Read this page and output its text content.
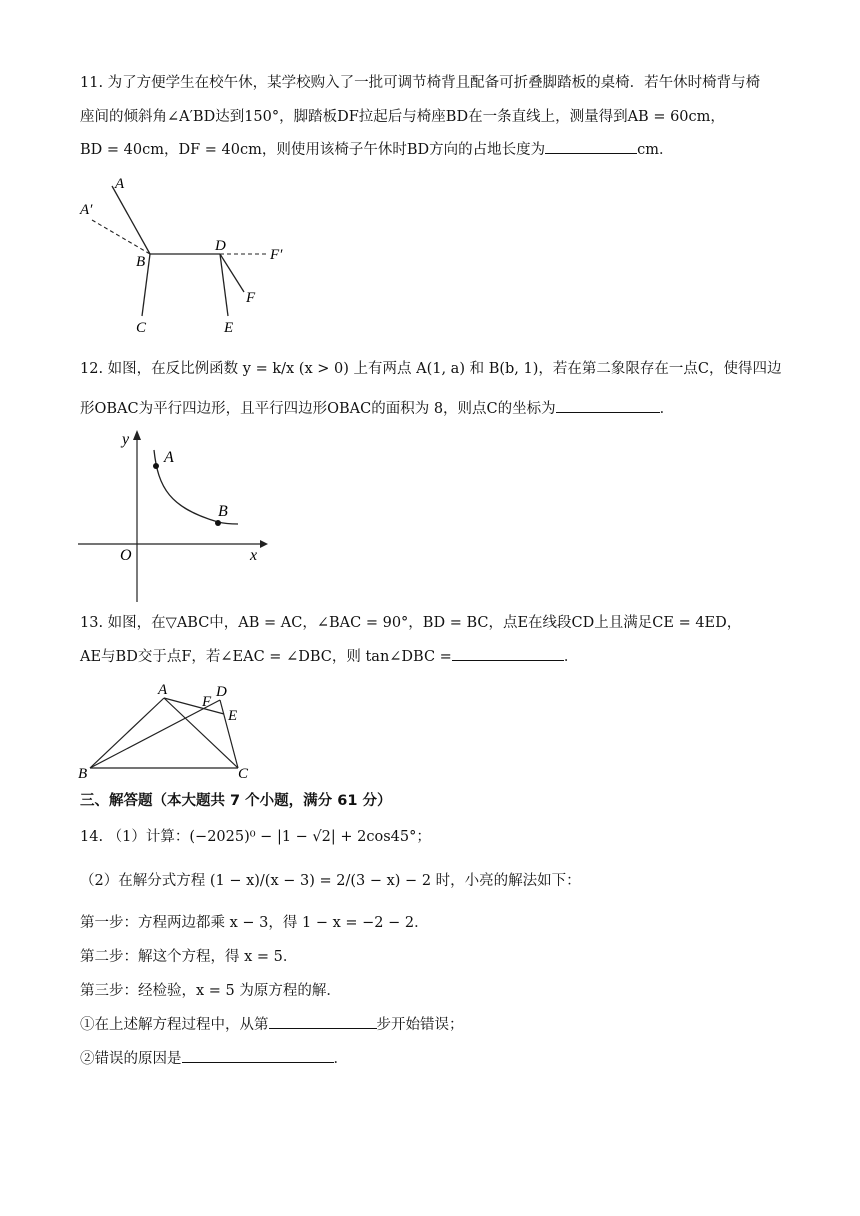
11. 为了方便学生在校午休，某学校购入了一批可调节椅背且配备可折叠脚踏板的桌椅．若午休时椅背与椅
座间的倾斜角∠A′BD达到150°，脚踏板DF拉起后与椅座BD在一条直线上，测量得到AB = 60cm，
BD = 40cm，DF = 40cm，则使用该椅子午休时BD方向的占地长度为	cm．
A
A′
B
D
F′
F
C	E
12. 如图，在反比例函数 y = k/x (x > 0) 上有两点 A(1, a) 和 B(b, 1)，若在第二象限存在一点C，使得四边
形OBAC为平行四边形，且平行四边形OBAC的面积为 8，则点C的坐标为	．
y
x
O
A
B
13. 如图，在▽ABC中，AB = AC，∠BAC = 90°，BD = BC，点E在线段CD上且满足CE = 4ED，
AE与BD交于点F，若∠EAC = ∠DBC，则 tan∠DBC =	．
A
F
D
E
B	C
三、解答题（本大题共 7 个小题，满分 61 分）
14. （1）计算：(−2025)⁰ − |1 − √2| + 2cos45°；
（2）在解分式方程 (1 − x)/(x − 3) = 2/(3 − x) − 2 时，小亮的解法如下：
第一步：方程两边都乘 x − 3，得 1 − x = −2 − 2．
第二步：解这个方程，得 x = 5．
第三步：经检验，x = 5 为原方程的解．
①在上述解方程过程中，从第	步开始错误；
②错误的原因是	．
